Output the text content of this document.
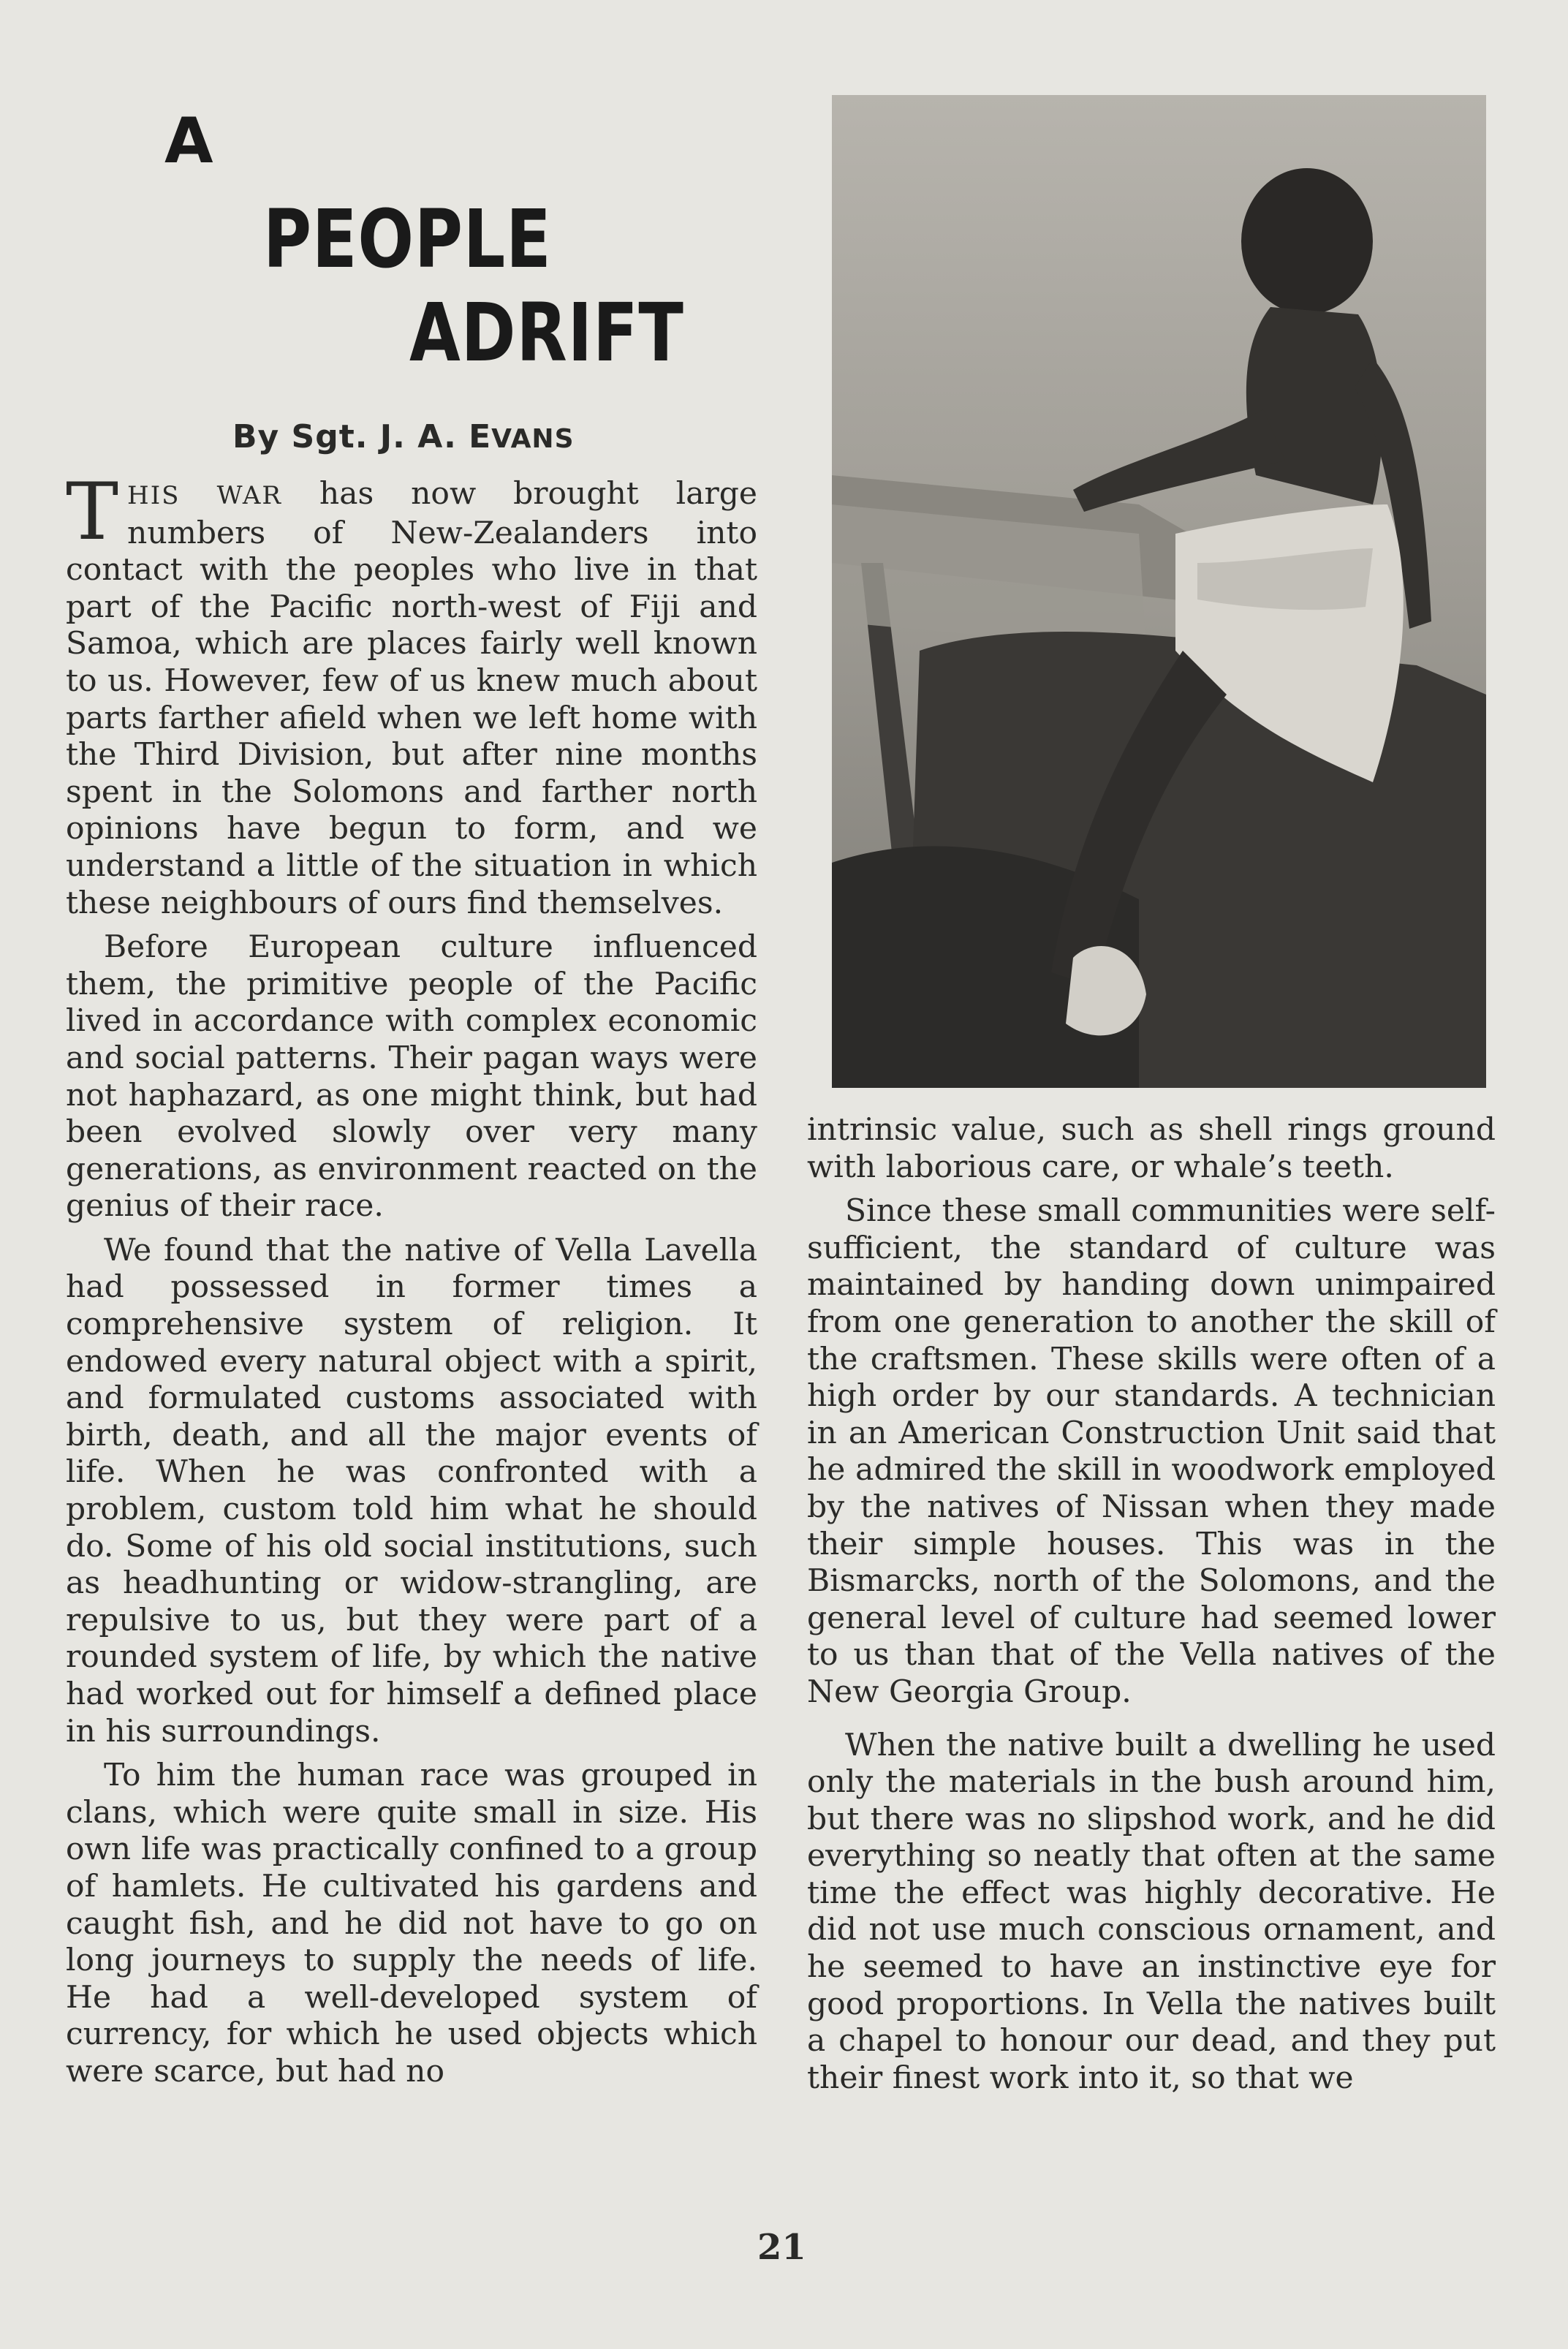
A
PEOPLE
ADRIFT
By Sgt. J. A. EVANS

THIS WAR has now brought large numbers of New-Zealanders into contact with the peoples who live in that part of the Pacific north-west of Fiji and Samoa, which are places fairly well known to us. However, few of us knew much about parts farther afield when we left home with the Third Division, but after nine months spent in the Solomons and farther north opinions have begun to form, and we understand a little of the situation in which these neighbours of ours find themselves.

Before European culture influenced them, the primitive people of the Pacific lived in accordance with complex economic and social patterns. Their pagan ways were not haphazard, as one might think, but had been evolved slowly over very many generations, as environment reacted on the genius of their race.

We found that the native of Vella Lavella had possessed in former times a comprehensive system of religion. It endowed every natural object with a spirit, and formulated customs associated with birth, death, and all the major events of life. When he was confronted with a problem, custom told him what he should do. Some of his old social institutions, such as headhunting or widow-strangling, are repulsive to us, but they were part of a rounded system of life, by which the native had worked out for himself a defined place in his surroundings.

To him the human race was grouped in clans, which were quite small in size. His own life was practically confined to a group of hamlets. He cultivated his gardens and caught fish, and he did not have to go on long journeys to supply the needs of life. He had a well-developed system of currency, for which he used objects which were scarce, but had no

intrinsic value, such as shell rings ground with laborious care, or whale’s teeth.

Since these small communities were self-sufficient, the standard of culture was maintained by handing down unimpaired from one generation to another the skill of the craftsmen. These skills were often of a high order by our standards. A technician in an American Construction Unit said that he admired the skill in woodwork employed by the natives of Nissan when they made their simple houses. This was in the Bismarcks, north of the Solomons, and the general level of culture had seemed lower to us than that of the Vella natives of the New Georgia Group.

When the native built a dwelling he used only the materials in the bush around him, but there was no slipshod work, and he did everything so neatly that often at the same time the effect was highly decorative. He did not use much conscious ornament, and he seemed to have an instinctive eye for good proportions. In Vella the natives built a chapel to honour our dead, and they put their finest work into it, so that we

21
